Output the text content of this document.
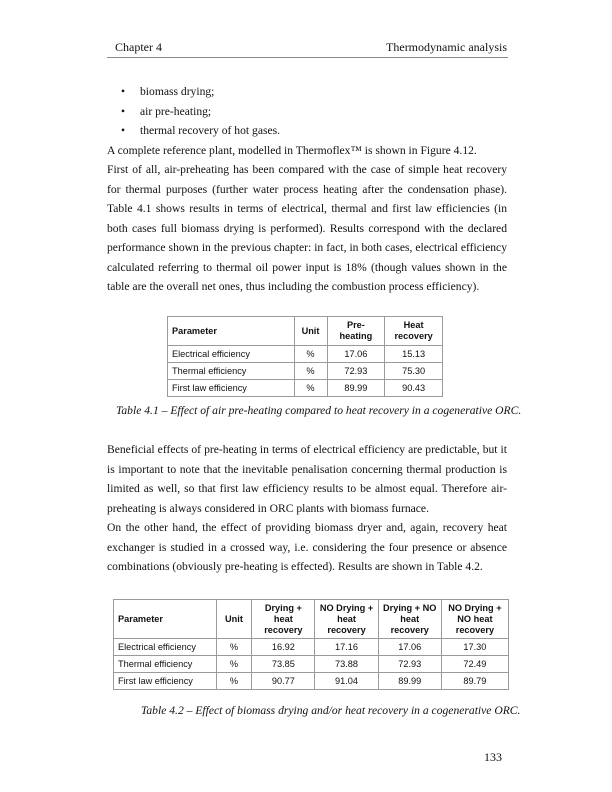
Chapter 4	Thermodynamic analysis
• biomass drying;
• air pre-heating;
• thermal recovery of hot gases.

A complete reference plant, modelled in Thermoflex™ is shown in Figure 4.12.

First of all, air-preheating has been compared with the case of simple heat recovery for thermal purposes (further water process heating after the condensation phase). Table 4.1 shows results in terms of electrical, thermal and first law efficiencies (in both cases full biomass drying is performed). Results correspond with the declared performance shown in the previous chapter: in fact, in both cases, electrical efficiency calculated referring to thermal oil power input is 18% (though values shown in the table are the overall net ones, thus including the combustion process efficiency).

Parameter	Unit	Pre-heating	Heat recovery
Electrical efficiency	%	17.06	15.13
Thermal efficiency	%	72.93	75.30
First law efficiency	%	89.99	90.43
Table 4.1 – Effect of air pre-heating compared to heat recovery in a cogenerative ORC.

Beneficial effects of pre-heating in terms of electrical efficiency are predictable, but it is important to note that the inevitable penalisation concerning thermal production is limited as well, so that first law efficiency results to be almost equal. Therefore air-preheating is always considered in ORC plants with biomass furnace.

On the other hand, the effect of providing biomass dryer and, again, recovery heat exchanger is studied in a crossed way, i.e. considering the four presence or absence combinations (obviously pre-heating is effected). Results are shown in Table 4.2.

Parameter	Unit	Drying + heat recovery	NO Drying + heat recovery	Drying + NO heat recovery	NO Drying + NO heat recovery
Electrical efficiency	%	16.92	17.16	17.06	17.30
Thermal efficiency	%	73.85	73.88	72.93	72.49
First law efficiency	%	90.77	91.04	89.99	89.79
Table 4.2 – Effect of biomass drying and/or heat recovery in a cogenerative ORC.
133
